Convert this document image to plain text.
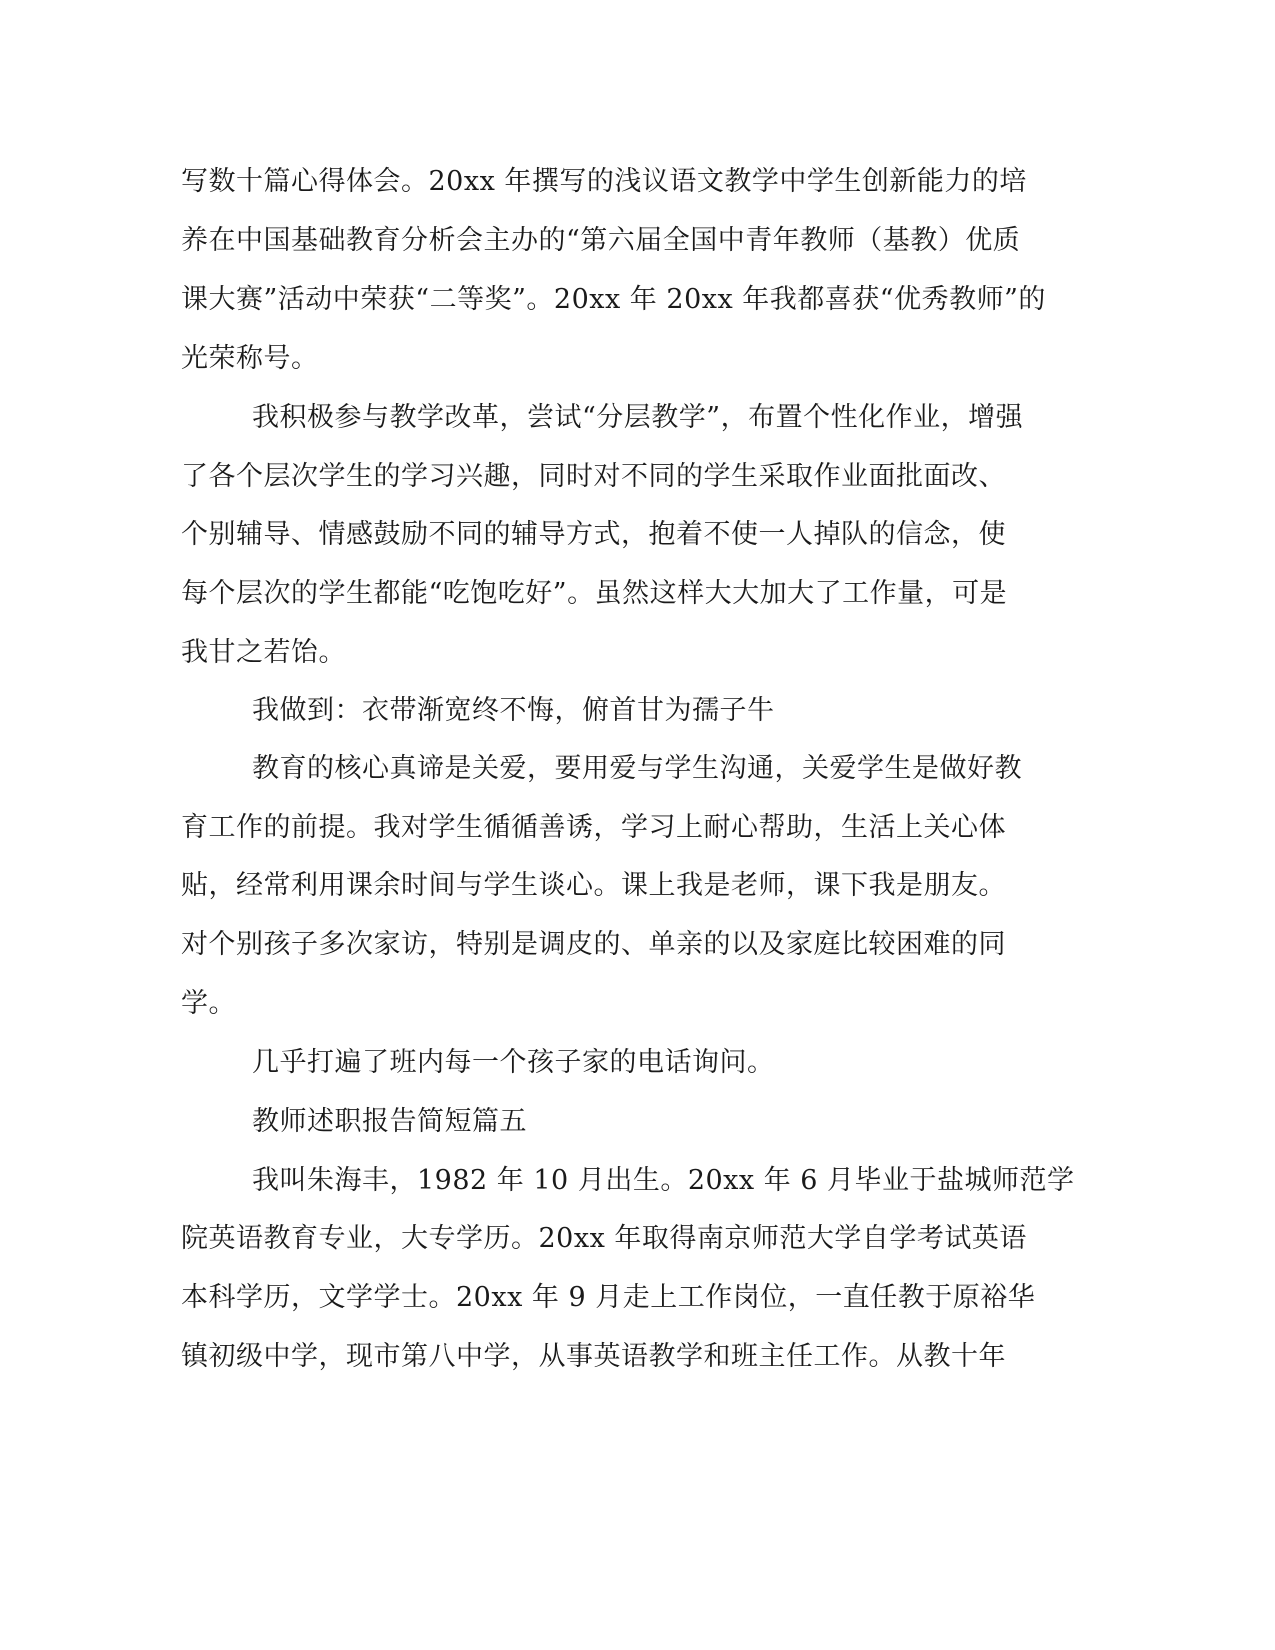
写数十篇心得体会。20xx 年撰写的浅议语文教学中学生创新能力的培
养在中国基础教育分析会主办的“第六届全国中青年教师（基教）优质
课大赛”活动中荣获“二等奖”。20xx 年 20xx 年我都喜获“优秀教师”的
光荣称号。
我积极参与教学改革，尝试“分层教学”，布置个性化作业，增强
了各个层次学生的学习兴趣，同时对不同的学生采取作业面批面改、
个别辅导、情感鼓励不同的辅导方式，抱着不使一人掉队的信念，使
每个层次的学生都能“吃饱吃好”。虽然这样大大加大了工作量，可是
我甘之若饴。
我做到：衣带渐宽终不悔，俯首甘为孺子牛
教育的核心真谛是关爱，要用爱与学生沟通，关爱学生是做好教
育工作的前提。我对学生循循善诱，学习上耐心帮助，生活上关心体
贴，经常利用课余时间与学生谈心。课上我是老师，课下我是朋友。
对个别孩子多次家访，特别是调皮的、单亲的以及家庭比较困难的同
学。
几乎打遍了班内每一个孩子家的电话询问。
教师述职报告简短篇五
我叫朱海丰，1982 年 10 月出生。20xx 年 6 月毕业于盐城师范学
院英语教育专业，大专学历。20xx 年取得南京师范大学自学考试英语
本科学历，文学学士。20xx 年 9 月走上工作岗位，一直任教于原裕华
镇初级中学，现市第八中学，从事英语教学和班主任工作。从教十年
